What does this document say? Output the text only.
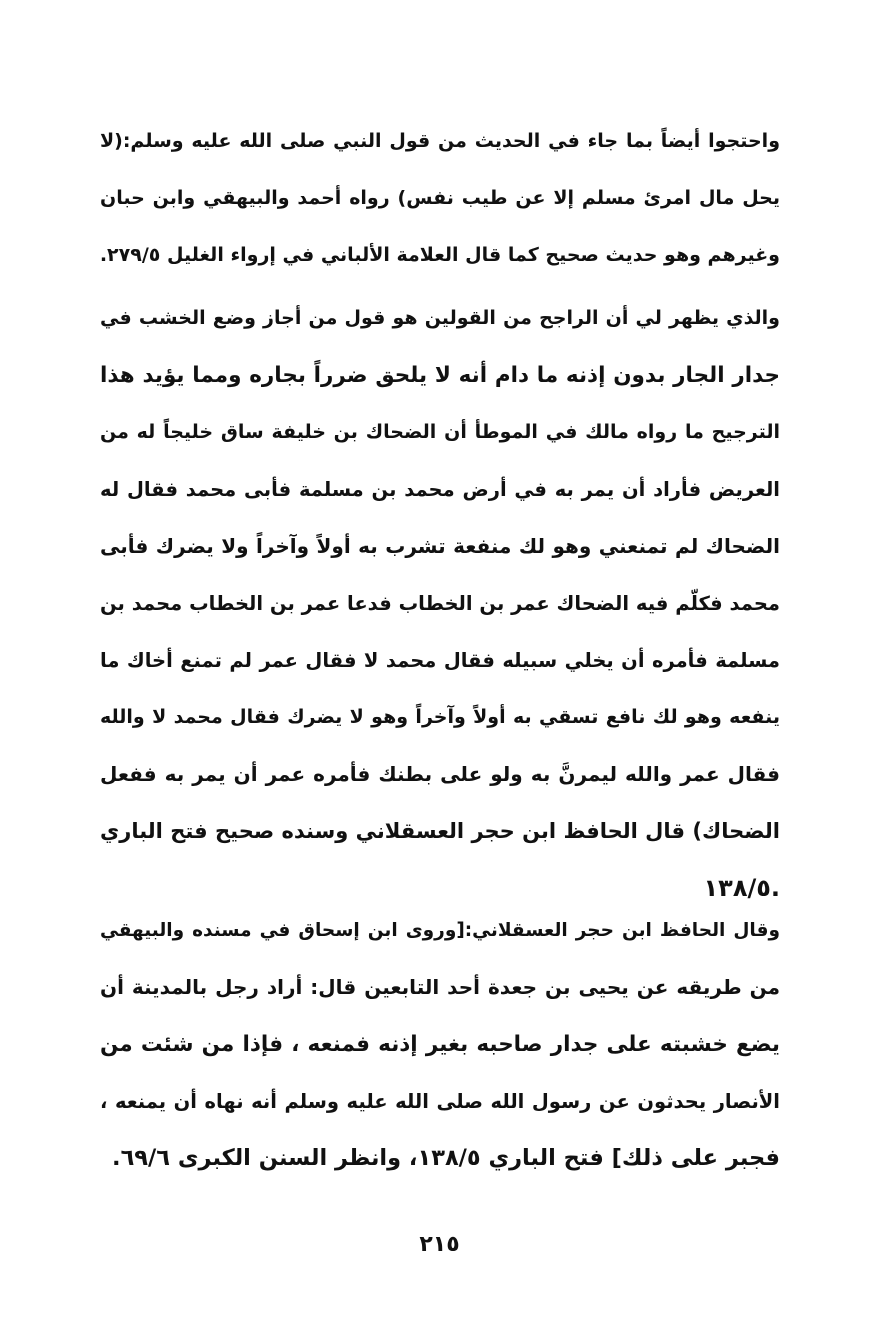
واحتجوا أيضاً بما جاء في الحديث من قول النبي صلى الله عليه وسلم:(لا
يحل مال امرئ مسلم إلا عن طيب نفس) رواه أحمد والبيهقي وابن حبان
وغيرهم وهو حديث صحيح كما قال العلامة الألباني في إرواء الغليل ٢٧٩/٥.
والذي يظهر لي أن الراجح من القولين هو قول من أجاز وضع الخشب في
جدار الجار بدون إذنه ما دام أنه لا يلحق ضرراً بجاره ومما يؤيد هذا
الترجيح ما رواه مالك في الموطأ أن الضحاك بن خليفة ساق خليجاً له من
العريض فأراد أن يمر به في أرض محمد بن مسلمة فأبى محمد فقال له
الضحاك لم تمنعني وهو لك منفعة تشرب به أولاً وآخراً ولا يضرك فأبى
محمد فكلّم فيه الضحاك عمر بن الخطاب فدعا عمر بن الخطاب محمد بن
مسلمة فأمره أن يخلي سبيله فقال محمد لا فقال عمر لم تمنع أخاك ما
ينفعه وهو لك نافع تسقي به أولاً وآخراً وهو لا يضرك فقال محمد لا والله
فقال عمر والله ليمرنَّ به ولو على بطنك فأمره عمر أن يمر به ففعل
الضحاك) قال الحافظ ابن حجر العسقلاني وسنده صحيح فتح الباري
.١٣٨/٥
وقال الحافظ ابن حجر العسقلاني:[وروى ابن إسحاق في مسنده والبيهقي
من طريقه عن يحيى بن جعدة أحد التابعين قال: أراد رجل بالمدينة أن
يضع خشبته على جدار صاحبه بغير إذنه فمنعه ، فإذا من شئت من
الأنصار يحدثون عن رسول الله صلى الله عليه وسلم أنه نهاه أن يمنعه ،
فجبر على ذلك] فتح الباري ١٣٨/٥، وانظر السنن الكبرى ٦٩/٦.
٢١٥
